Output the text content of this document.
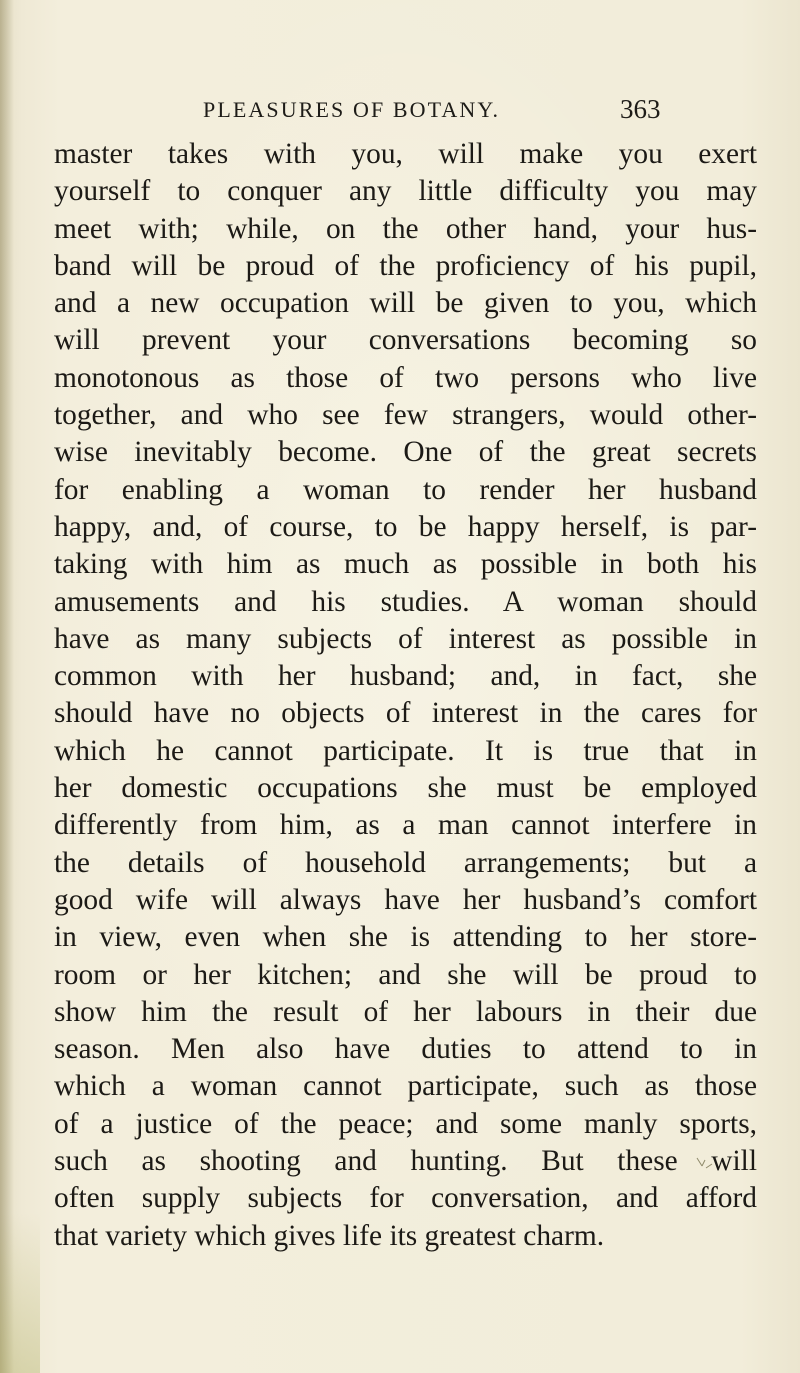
PLEASURES OF BOTANY.	363
master takes with you, will make you exert
yourself to conquer any little difficulty you may
meet with; while, on the other hand, your hus-
band will be proud of the proficiency of his pupil,
and a new occupation will be given to you, which
will prevent your conversations becoming so
monotonous as those of two persons who live
together, and who see few strangers, would other-
wise inevitably become. One of the great secrets
for enabling a woman to render her husband
happy, and, of course, to be happy herself, is par-
taking with him as much as possible in both his
amusements and his studies. A woman should
have as many subjects of interest as possible in
common with her husband; and, in fact, she
should have no objects of interest in the cares for
which he cannot participate. It is true that in
her domestic occupations she must be employed
differently from him, as a man cannot interfere in
the details of household arrangements; but a
good wife will always have her husband’s comfort
in view, even when she is attending to her store-
room or her kitchen; and she will be proud to
show him the result of her labours in their due
season. Men also have duties to attend to in
which a woman cannot participate, such as those
of a justice of the peace; and some manly sports,
such as shooting and hunting. But these will
often supply subjects for conversation, and afford
that variety which gives life its greatest charm.
